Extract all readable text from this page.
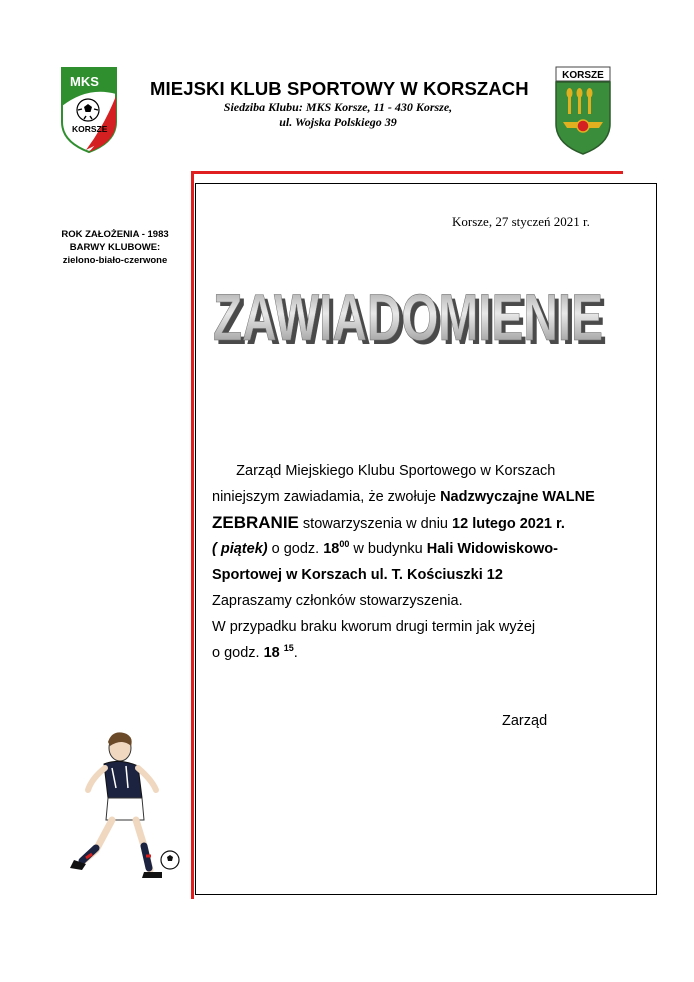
MKS
KORSZE
MIEJSKI KLUB SPORTOWY W KORSZACH
Siedziba Klubu: MKS Korsze, 11 - 430 Korsze,
ul. Wojska Polskiego 39
KORSZE
ROK ZAŁOŻENIA - 1983
BARWY KLUBOWE:
zielono-biało-czerwone
Korsze, 27 styczeń 2021 r.
ZAWIADOMIENIE
ZAWIADOMIENIE
Zarząd Miejskiego Klubu Sportowego w Korszach
niniejszym zawiadamia, że zwołuje Nadzwyczajne WALNE
ZEBRANIE stowarzyszenia w dniu 12 lutego 2021 r.
( piątek) o godz. $18^{00}$ w budynku Hali Widowiskowo-
Sportowej w Korszach ul. T. Kościuszki 12
Zapraszamy członków stowarzyszenia.
W przypadku braku kworum drugi termin jak wyżej
o godz. 18 $^{15}$.
Zarząd
